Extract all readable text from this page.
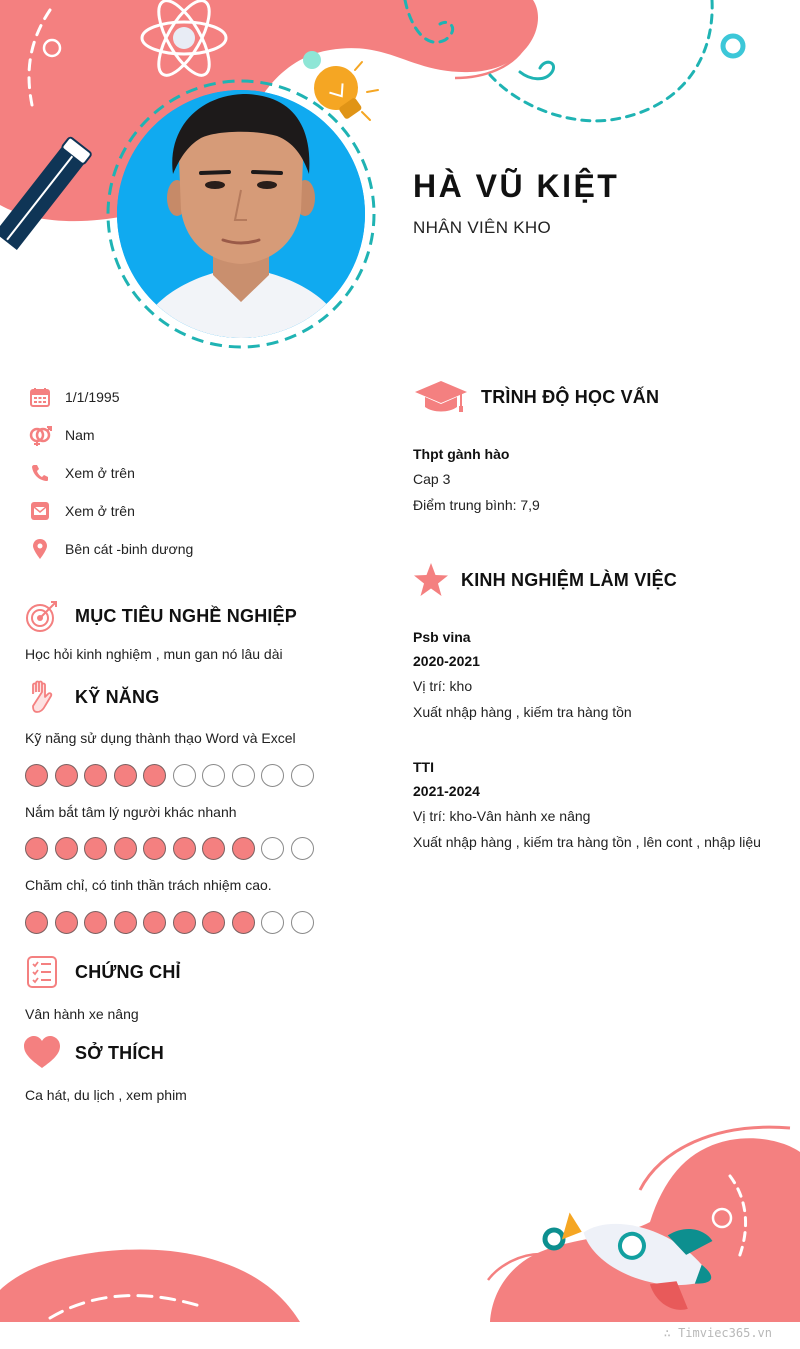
HÀ VŨ KIỆT
NHÂN VIÊN KHO
1/1/1995
Nam
Xem ở trên
Xem ở trên
Bên cát -binh dương
MỤC TIÊU NGHỀ NGHIỆP
Học hỏi kinh nghiệm , mun gan nó lâu dài
KỸ NĂNG
Kỹ năng sử dụng thành thạo Word và Excel
Nắm bắt tâm lý người khác nhanh
Chăm chỉ, có tinh thần trách nhiệm cao.
CHỨNG CHỈ
Vân hành xe nâng
SỞ THÍCH
Ca hát, du lịch , xem phim
TRÌNH ĐỘ HỌC VẤN
Thpt gành hào
Cap 3
Điểm trung bình: 7,9
KINH NGHIỆM LÀM VIỆC
Psb vina
2020-2021
Vị trí: kho
Xuất nhập hàng , kiếm tra hàng tồn
TTI
2021-2024
Vị trí: kho-Vân hành xe nâng
Xuất nhập hàng , kiếm tra hàng tồn , lên cont , nhập liệu
∴ Timviec365.vn
